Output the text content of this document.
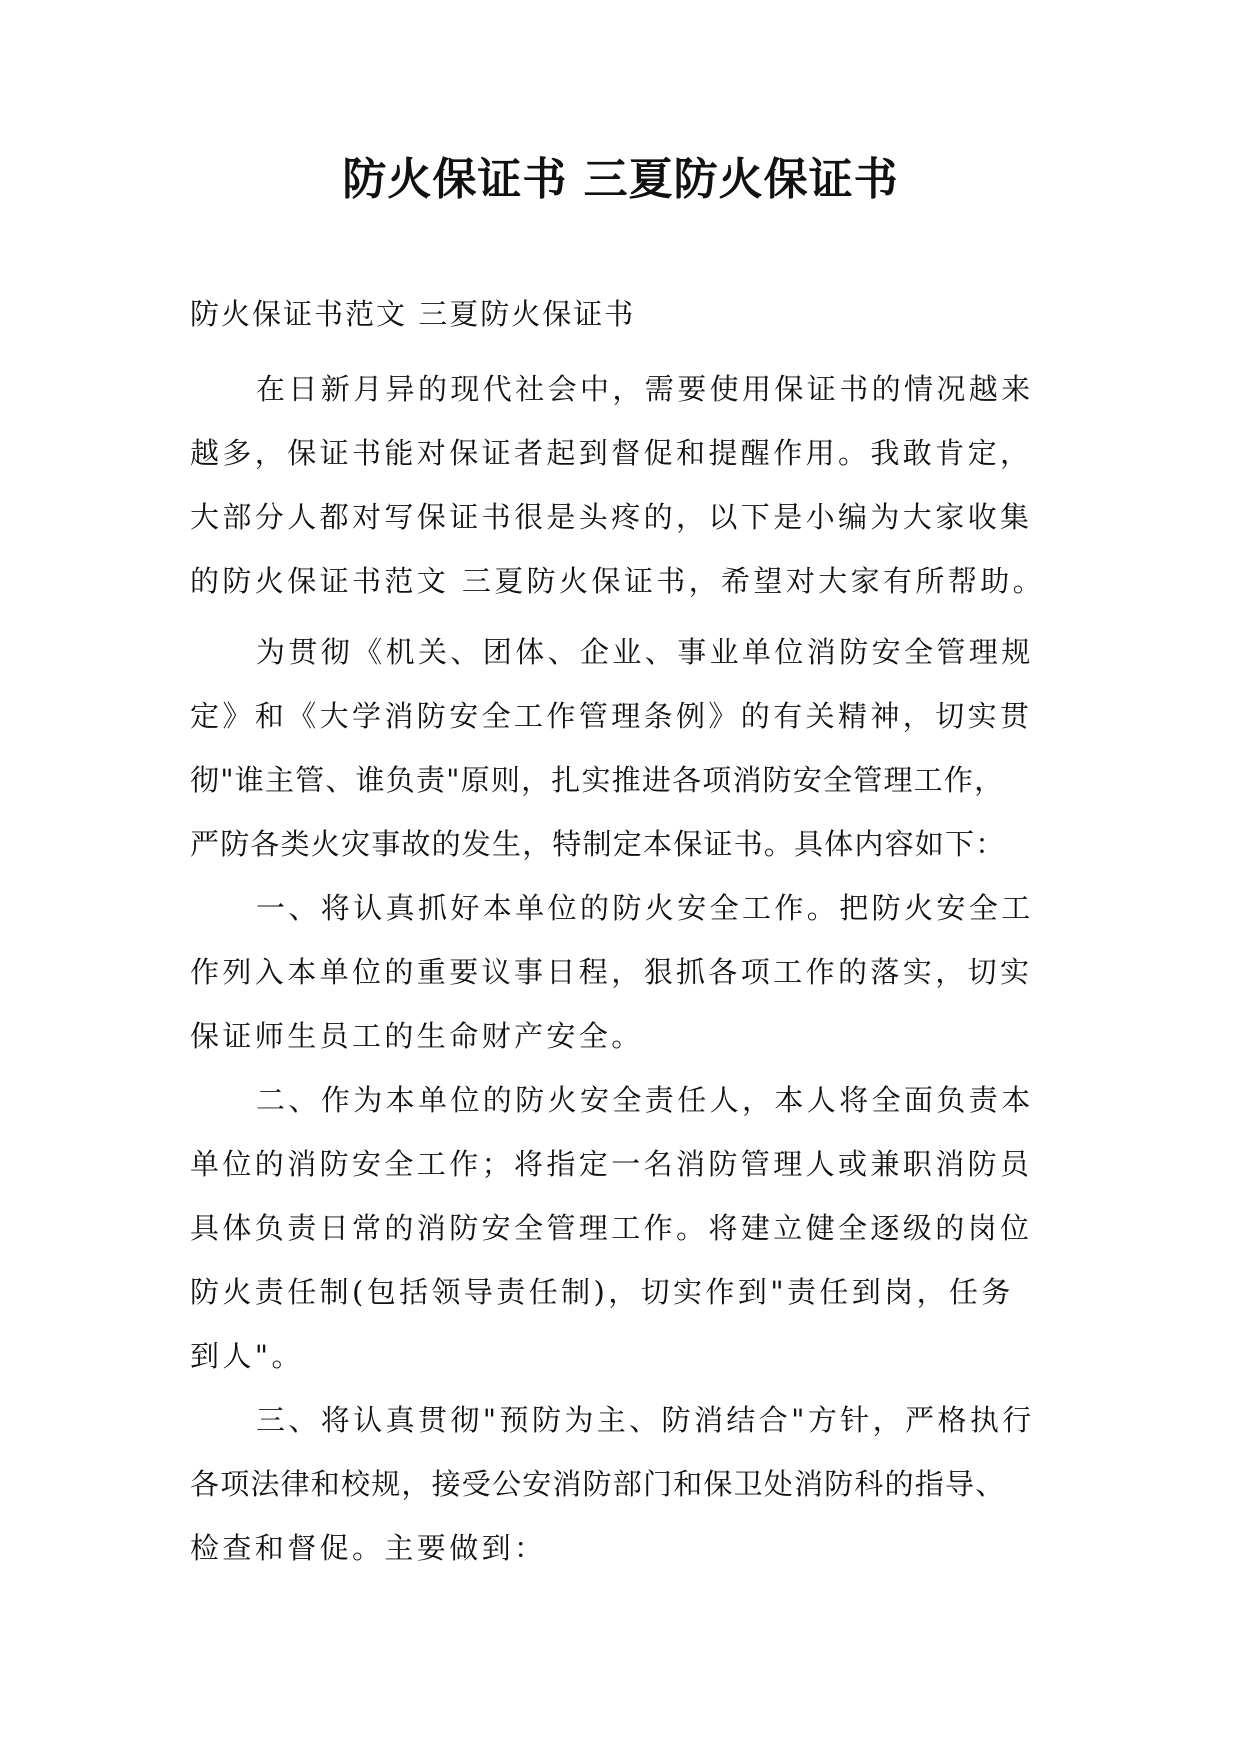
防火保证书 三夏防火保证书

防火保证书范文 三夏防火保证书

在日新月异的现代社会中，需要使用保证书的情况越来
越多，保证书能对保证者起到督促和提醒作用。我敢肯定，
大部分人都对写保证书很是头疼的，以下是小编为大家收集
的防火保证书范文 三夏防火保证书，希望对大家有所帮助。
为贯彻《机关、团体、企业、事业单位消防安全管理规
定》和《大学消防安全工作管理条例》的有关精神，切实贯
彻"谁主管、谁负责"原则，扎实推进各项消防安全管理工作，
严防各类火灾事故的发生，特制定本保证书。具体内容如下：
一、将认真抓好本单位的防火安全工作。把防火安全工
作列入本单位的重要议事日程，狠抓各项工作的落实，切实
保证师生员工的生命财产安全。
二、作为本单位的防火安全责任人，本人将全面负责本
单位的消防安全工作；将指定一名消防管理人或兼职消防员
具体负责日常的消防安全管理工作。将建立健全逐级的岗位
防火责任制(包括领导责任制)，切实作到"责任到岗，任务
到人"。
三、将认真贯彻"预防为主、防消结合"方针，严格执行
各项法律和校规，接受公安消防部门和保卫处消防科的指导、
检查和督促。主要做到：
